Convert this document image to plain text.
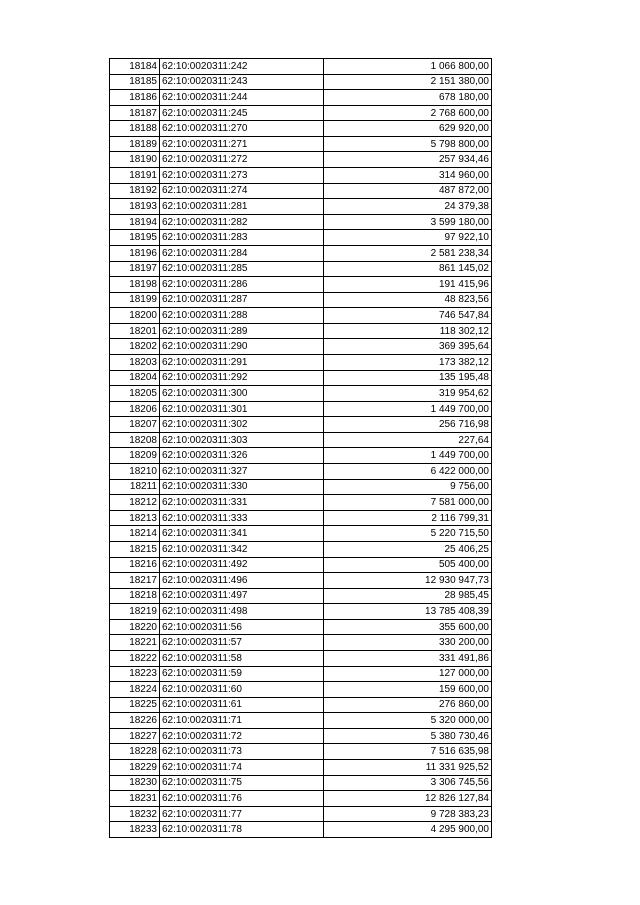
18184	62:10:0020311:242	1 066 800,00
18185	62:10:0020311:243	2 151 380,00
18186	62:10:0020311:244	678 180,00
18187	62:10:0020311:245	2 768 600,00
18188	62:10:0020311:270	629 920,00
18189	62:10:0020311:271	5 798 800,00
18190	62:10:0020311:272	257 934,46
18191	62:10:0020311:273	314 960,00
18192	62:10:0020311:274	487 872,00
18193	62:10:0020311:281	24 379,38
18194	62:10:0020311:282	3 599 180,00
18195	62:10:0020311:283	97 922,10
18196	62:10:0020311:284	2 581 238,34
18197	62:10:0020311:285	861 145,02
18198	62:10:0020311:286	191 415,96
18199	62:10:0020311:287	48 823,56
18200	62:10:0020311:288	746 547,84
18201	62:10:0020311:289	118 302,12
18202	62:10:0020311:290	369 395,64
18203	62:10:0020311:291	173 382,12
18204	62:10:0020311:292	135 195,48
18205	62:10:0020311:300	319 954,62
18206	62:10:0020311:301	1 449 700,00
18207	62:10:0020311:302	256 716,98
18208	62:10:0020311:303	227,64
18209	62:10:0020311:326	1 449 700,00
18210	62:10:0020311:327	6 422 000,00
18211	62:10:0020311:330	9 756,00
18212	62:10:0020311:331	7 581 000,00
18213	62:10:0020311:333	2 116 799,31
18214	62:10:0020311:341	5 220 715,50
18215	62:10:0020311:342	25 406,25
18216	62:10:0020311:492	505 400,00
18217	62:10:0020311:496	12 930 947,73
18218	62:10:0020311:497	28 985,45
18219	62:10:0020311:498	13 785 408,39
18220	62:10:0020311:56	355 600,00
18221	62:10:0020311:57	330 200,00
18222	62:10:0020311:58	331 491,86
18223	62:10:0020311:59	127 000,00
18224	62:10:0020311:60	159 600,00
18225	62:10:0020311:61	276 860,00
18226	62:10:0020311:71	5 320 000,00
18227	62:10:0020311:72	5 380 730,46
18228	62:10:0020311:73	7 516 635,98
18229	62:10:0020311:74	11 331 925,52
18230	62:10:0020311:75	3 306 745,56
18231	62:10:0020311:76	12 826 127,84
18232	62:10:0020311:77	9 728 383,23
18233	62:10:0020311:78	4 295 900,00
